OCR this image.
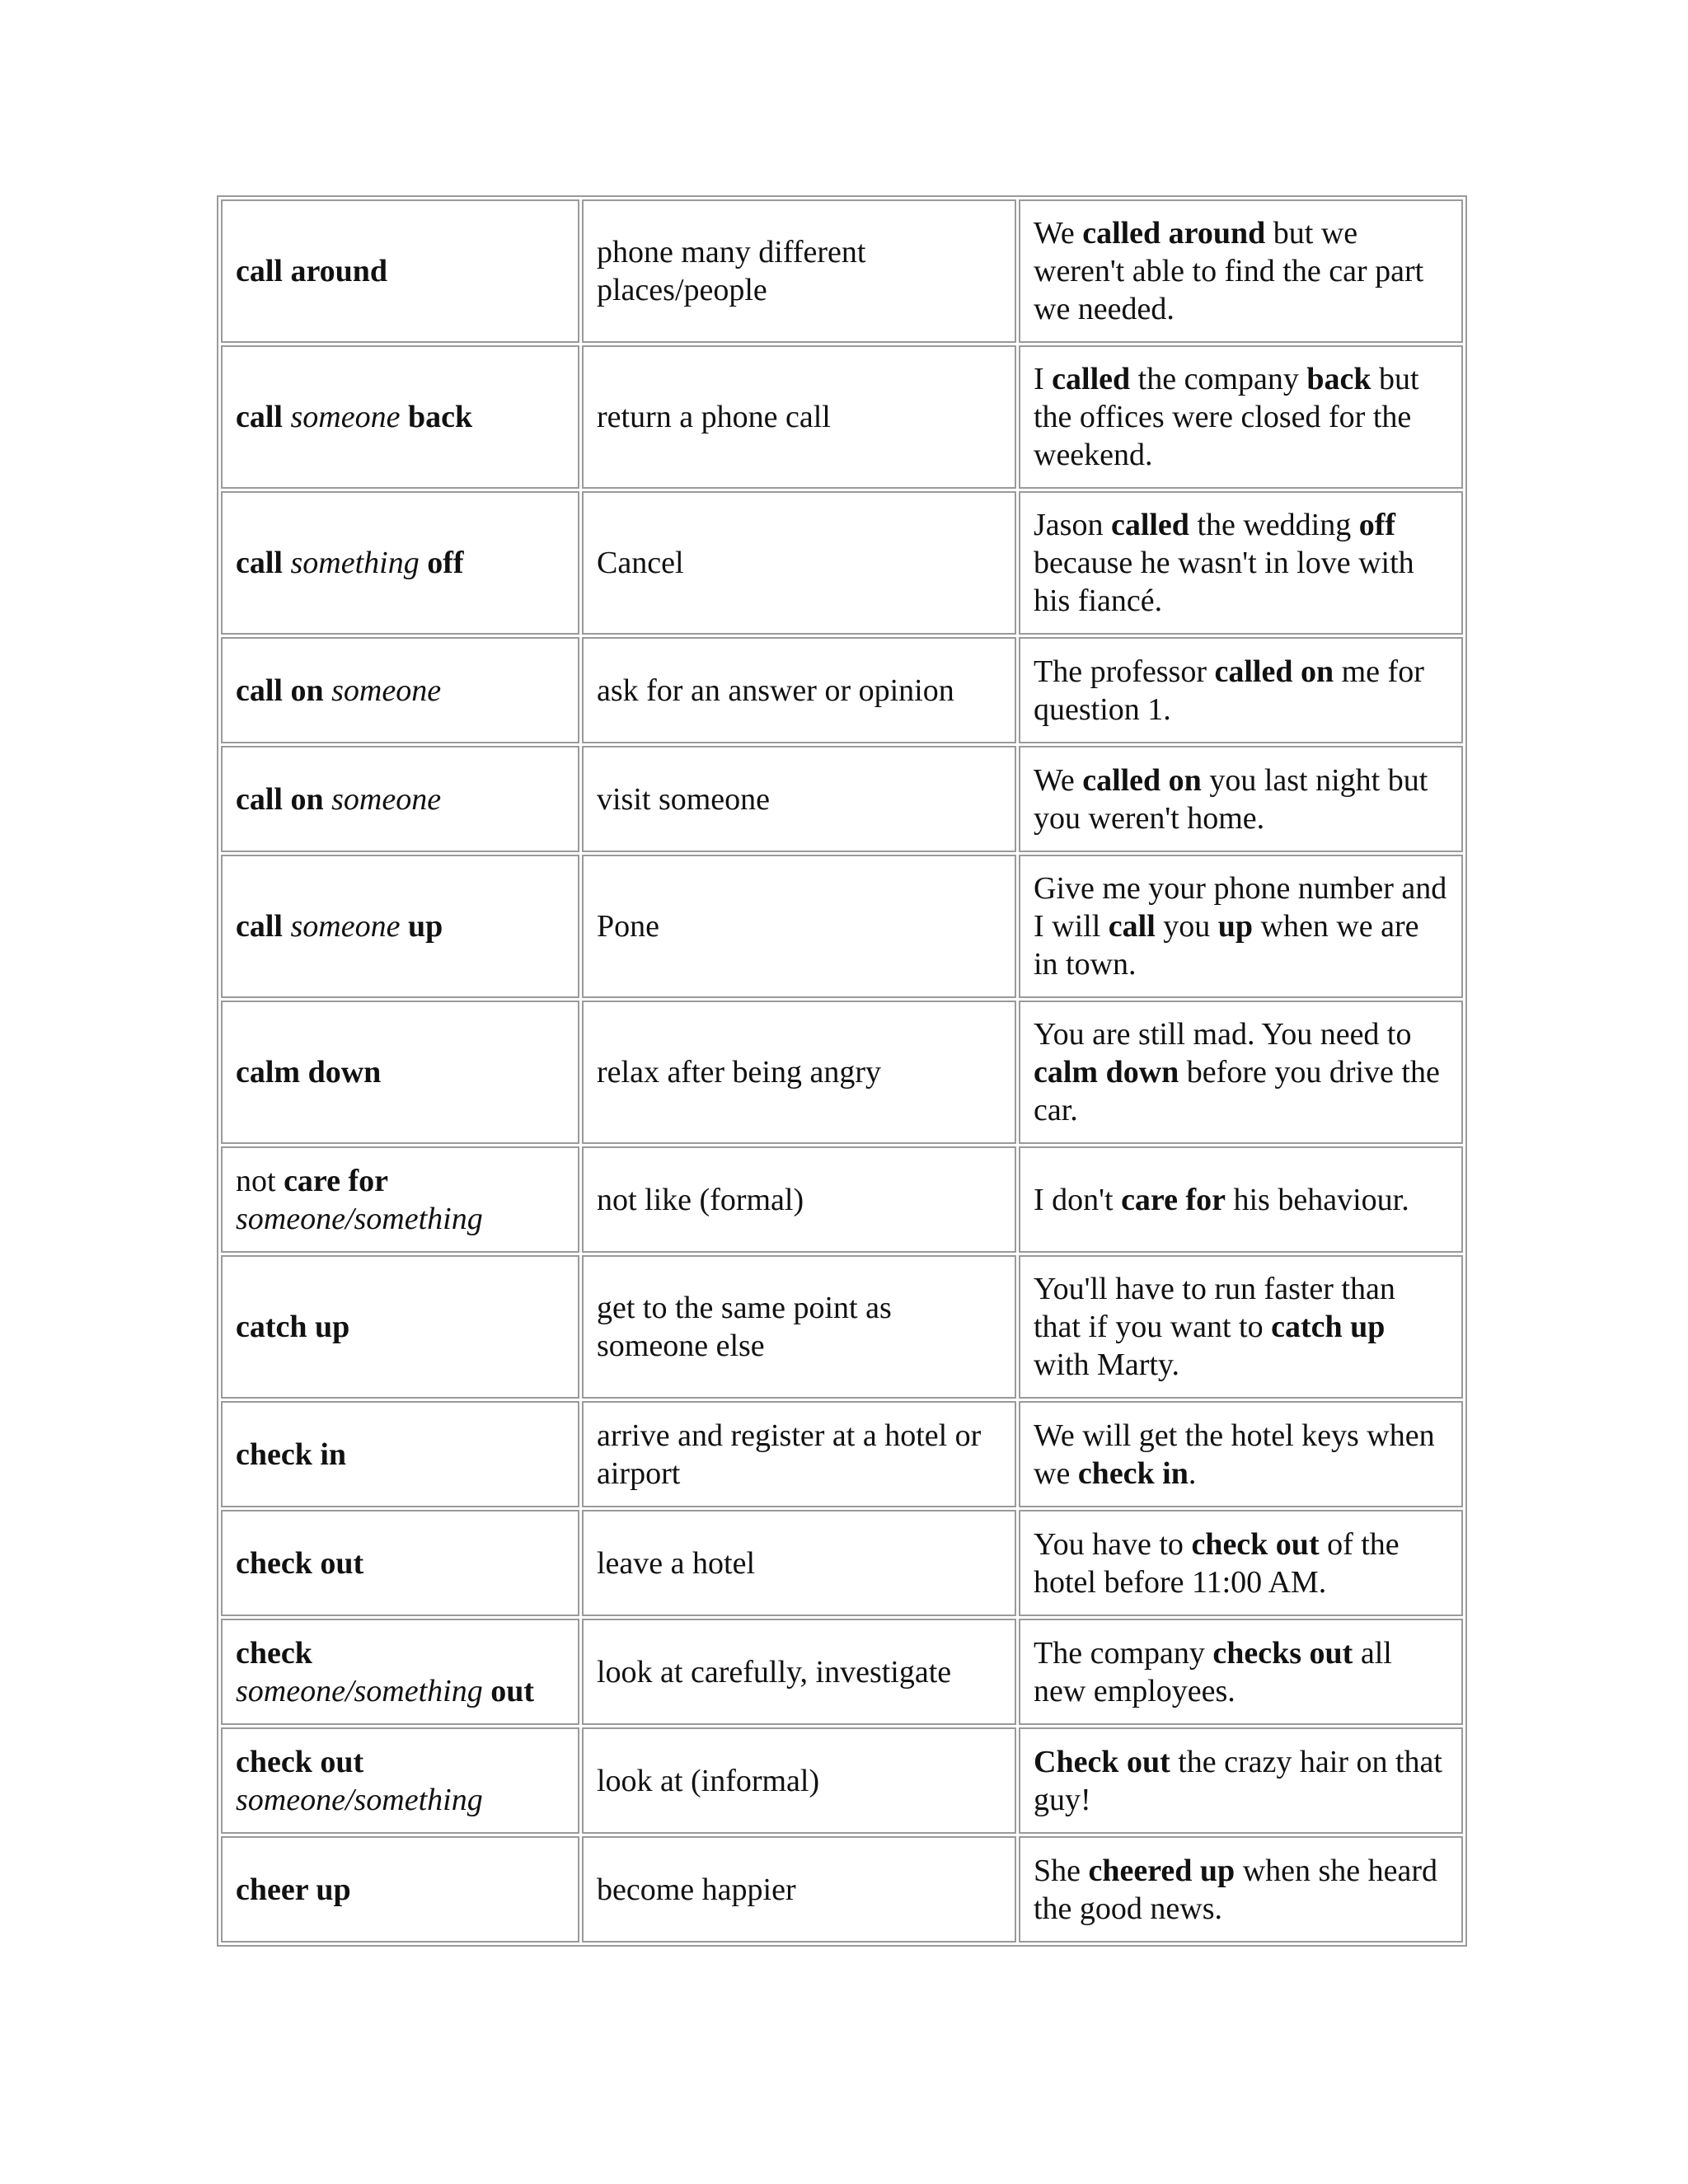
call around	phone many different places/people	We called around but we weren't able to find the car part we needed.
call someone back	return a phone call	I called the company back but the offices were closed for the weekend.
call something off	Cancel	Jason called the wedding off because he wasn't in love with his fiancé.
call on someone	ask for an answer or opinion	The professor called on me for question 1.
call on someone	visit someone	We called on you last night but you weren't home.
call someone up	Pone	Give me your phone number and I will call you up when we are in town.
calm down	relax after being angry	You are still mad. You need to calm down before you drive the car.
not care for someone/something	not like (formal)	I don't care for his behaviour.
catch up	get to the same point as someone else	You'll have to run faster than that if you want to catch up with Marty.
check in	arrive and register at a hotel or airport	We will get the hotel keys when we check in.
check out	leave a hotel	You have to check out of the hotel before 11:00 AM.
check someone/something out	look at carefully, investigate	The company checks out all new employees.
check out someone/something	look at (informal)	Check out the crazy hair on that guy!
cheer up	become happier	She cheered up when she heard the good news.
